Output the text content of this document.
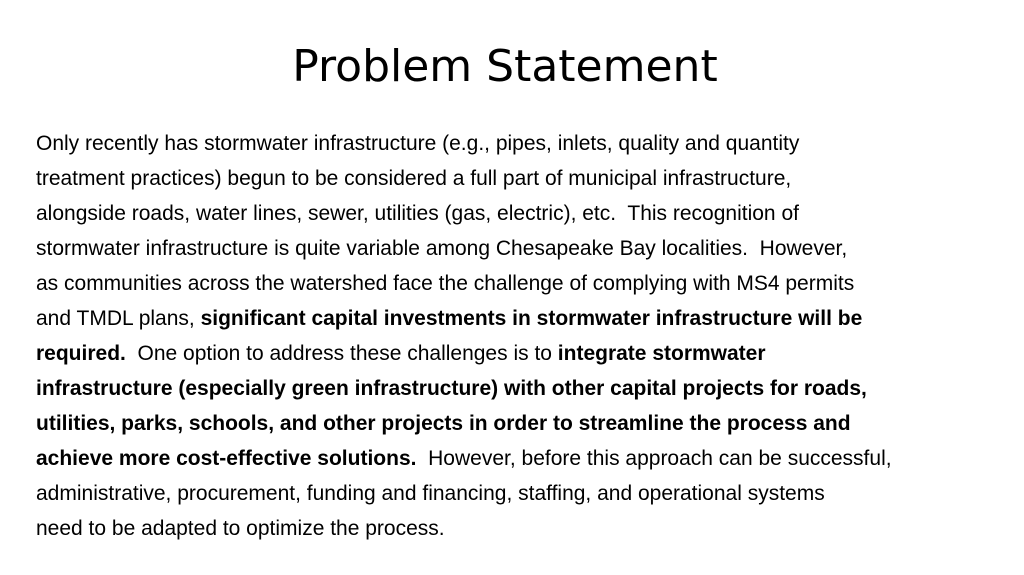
Problem Statement
Only recently has stormwater infrastructure (e.g., pipes, inlets, quality and quantity
treatment practices) begun to be considered a full part of municipal infrastructure,
alongside roads, water lines, sewer, utilities (gas, electric), etc.  This recognition of
stormwater infrastructure is quite variable among Chesapeake Bay localities.  However,
as communities across the watershed face the challenge of complying with MS4 permits
and TMDL plans, significant capital investments in stormwater infrastructure will be
required.  One option to address these challenges is to integrate stormwater
infrastructure (especially green infrastructure) with other capital projects for roads,
utilities, parks, schools, and other projects in order to streamline the process and
achieve more cost-effective solutions.  However, before this approach can be successful,
administrative, procurement, funding and financing, staffing, and operational systems
need to be adapted to optimize the process.
